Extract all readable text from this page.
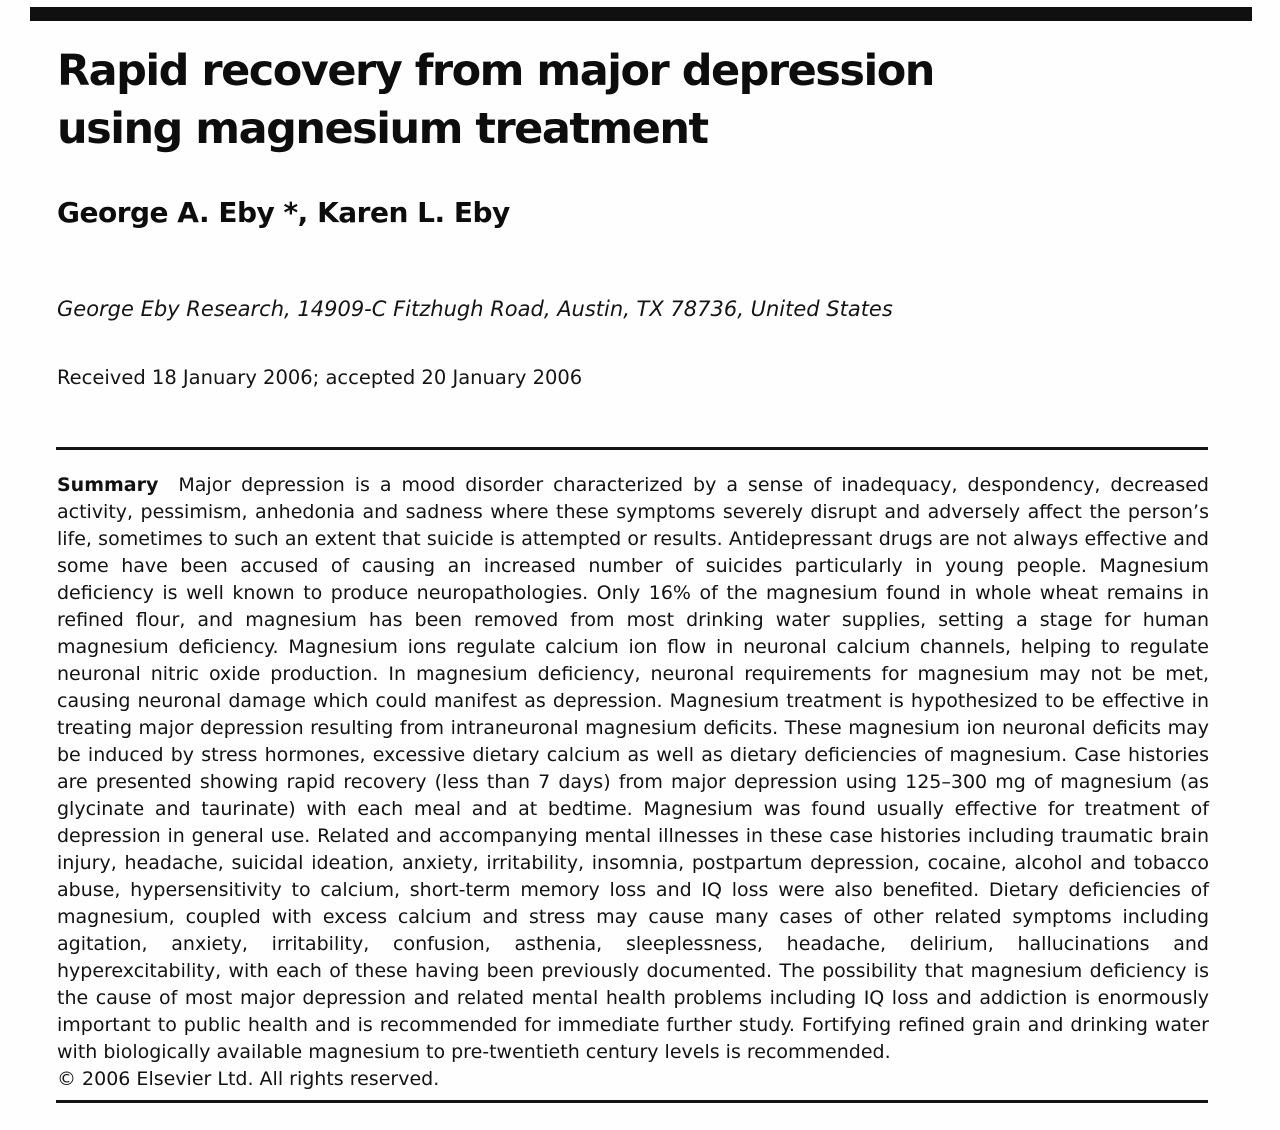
Rapid recovery from major depression
using magnesium treatment
George A. Eby *, Karen L. Eby
George Eby Research, 14909-C Fitzhugh Road, Austin, TX 78736, United States
Received 18 January 2006; accepted 20 January 2006
Summary Major depression is a mood disorder characterized by a sense of inadequacy, despondency, decreased activity, pessimism, anhedonia and sadness where these symptoms severely disrupt and adversely affect the person’s life, sometimes to such an extent that suicide is attempted or results. Antidepressant drugs are not always effective and some have been accused of causing an increased number of suicides particularly in young people. Magnesium deficiency is well known to produce neuropathologies. Only 16% of the magnesium found in whole wheat remains in refined flour, and magnesium has been removed from most drinking water supplies, setting a stage for human magnesium deficiency. Magnesium ions regulate calcium ion flow in neuronal calcium channels, helping to regulate neuronal nitric oxide production. In magnesium deficiency, neuronal requirements for magnesium may not be met, causing neuronal damage which could manifest as depression. Magnesium treatment is hypothesized to be effective in treating major depression resulting from intraneuronal magnesium deficits. These magnesium ion neuronal deficits may be induced by stress hormones, excessive dietary calcium as well as dietary deficiencies of magnesium. Case histories are presented showing rapid recovery (less than 7 days) from major depression using 125–300 mg of magnesium (as glycinate and taurinate) with each meal and at bedtime. Magnesium was found usually effective for treatment of depression in general use. Related and accompanying mental illnesses in these case histories including traumatic brain injury, headache, suicidal ideation, anxiety, irritability, insomnia, postpartum depression, cocaine, alcohol and tobacco abuse, hypersensitivity to calcium, short-term memory loss and IQ loss were also benefited. Dietary deficiencies of magnesium, coupled with excess calcium and stress may cause many cases of other related symptoms including agitation, anxiety, irritability, confusion, asthenia, sleeplessness, headache, delirium, hallucinations and hyperexcitability, with each of these having been previously documented. The possibility that magnesium deficiency is the cause of most major depression and related mental health problems including IQ loss and addiction is enormously important to public health and is recommended for immediate further study. Fortifying refined grain and drinking water with biologically available magnesium to pre-twentieth century levels is recommended.
© 2006 Elsevier Ltd. All rights reserved.
